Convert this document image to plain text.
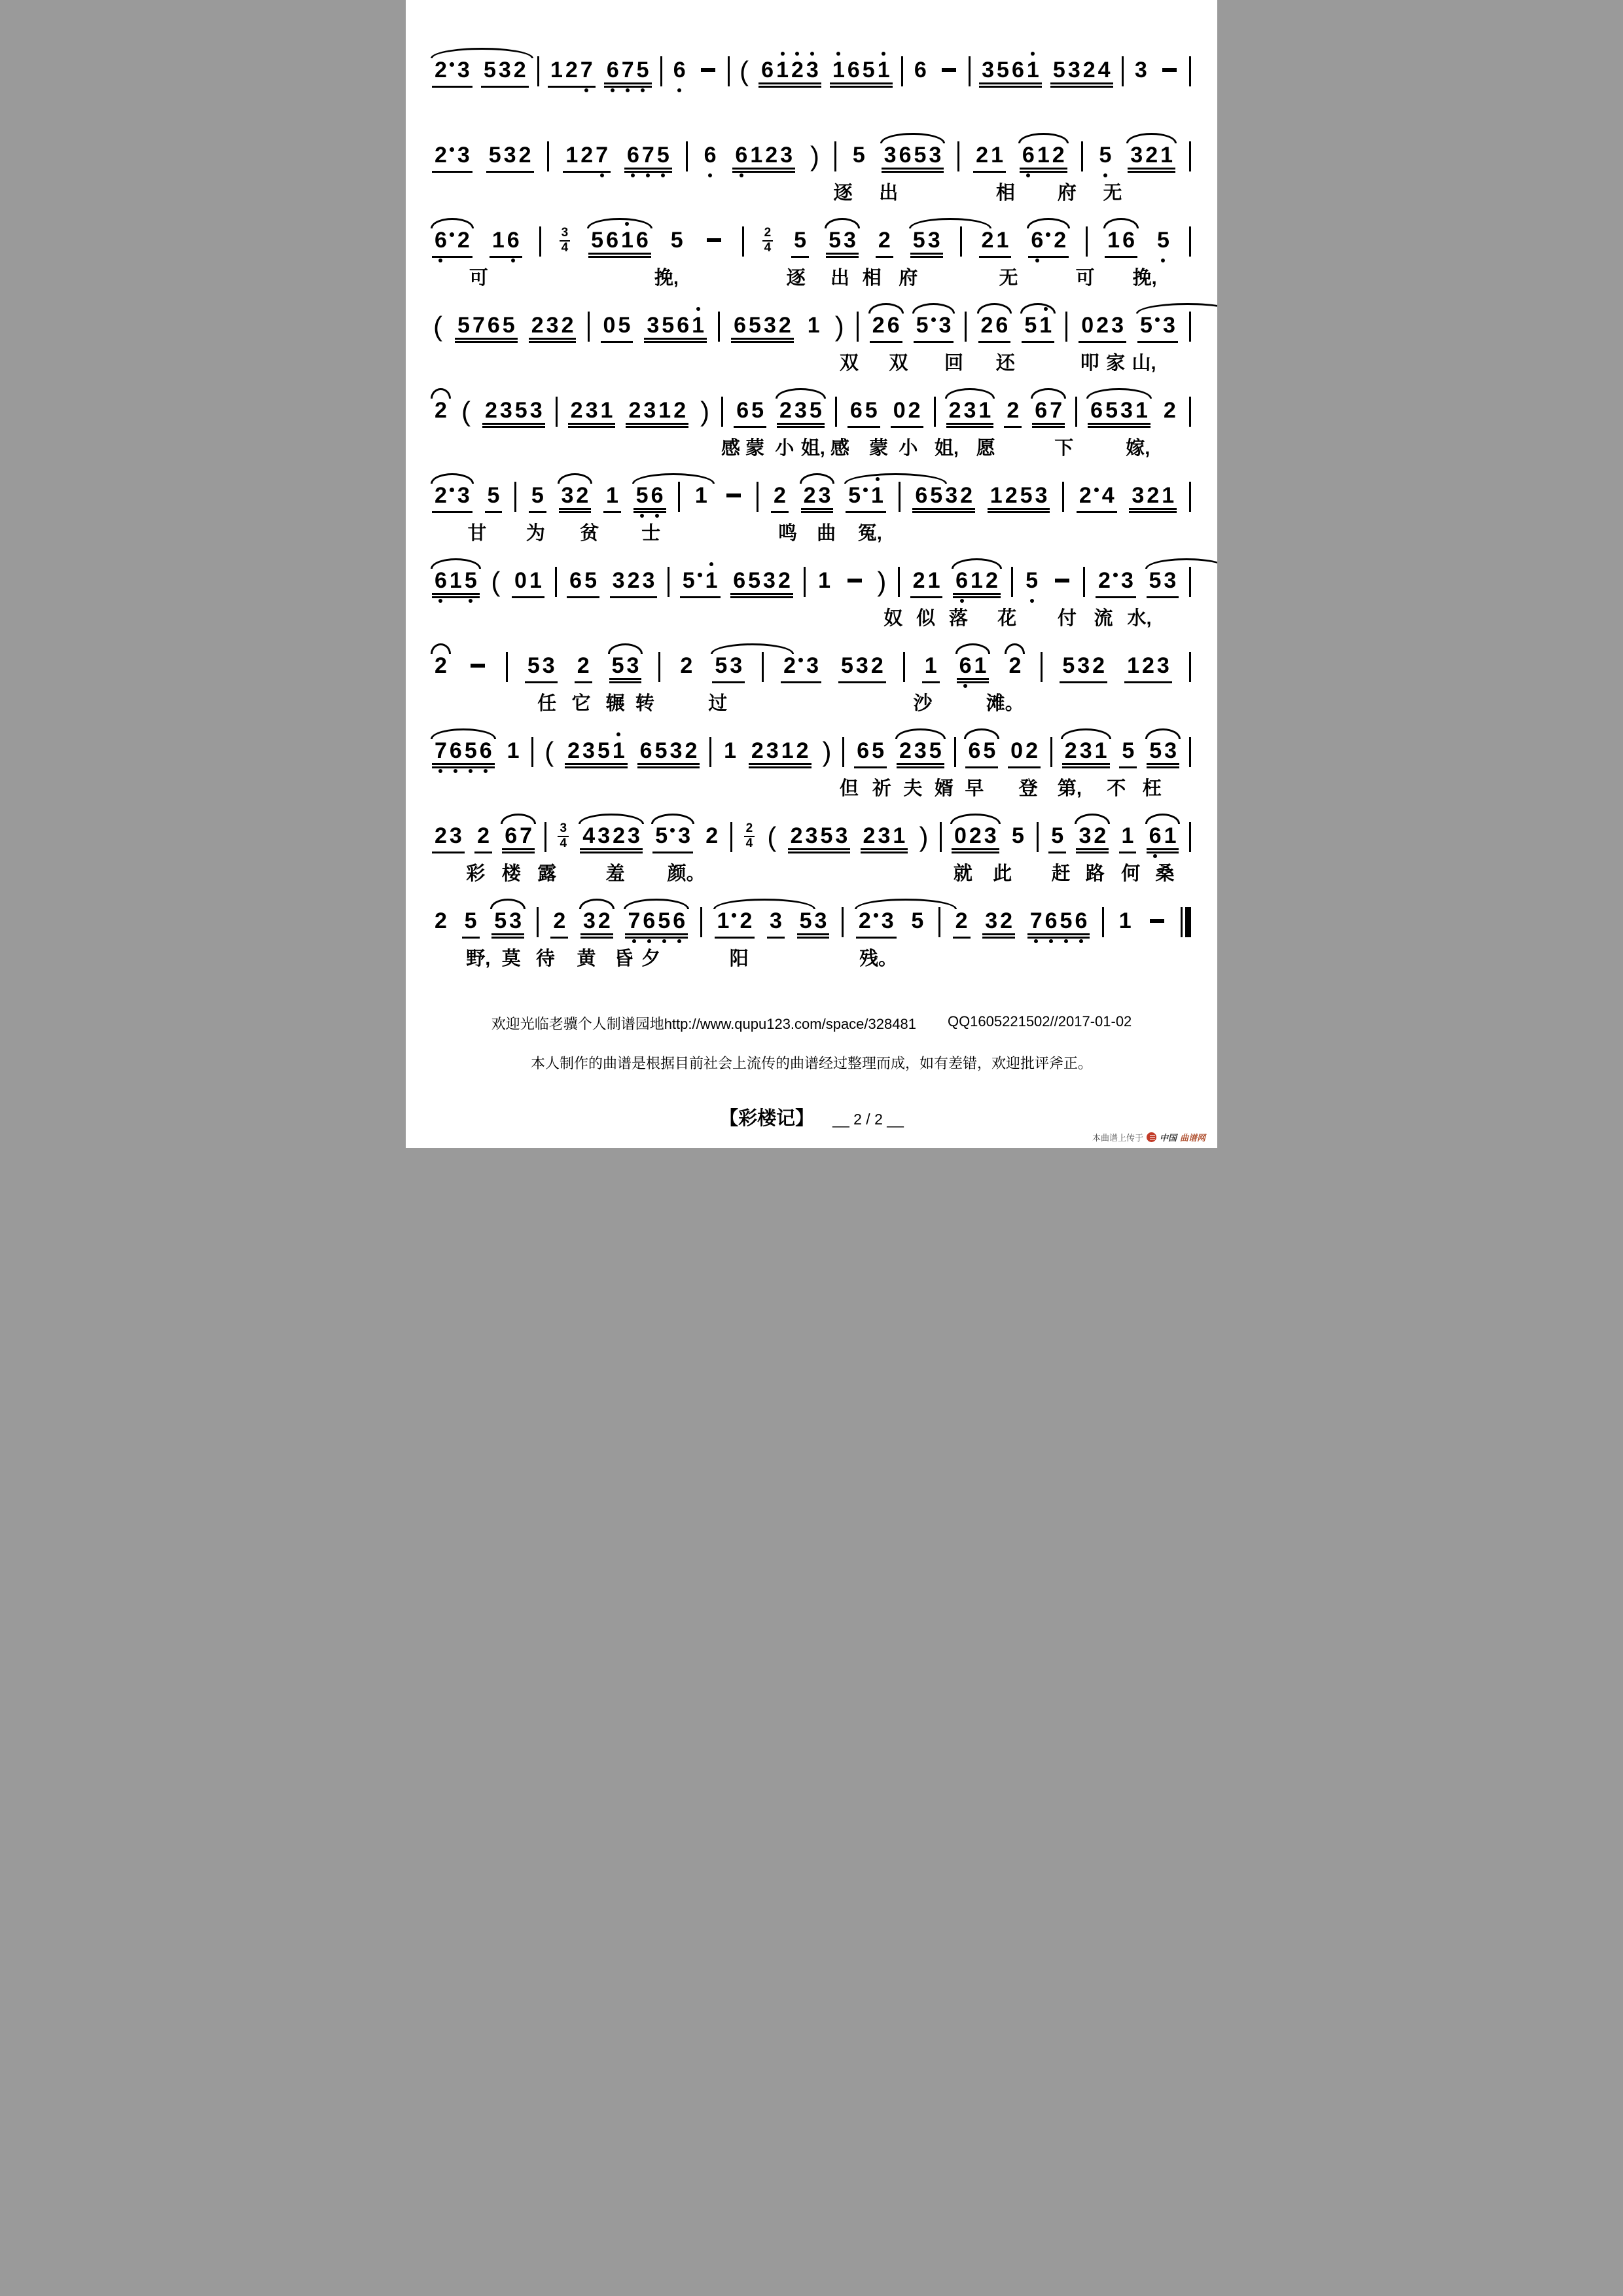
2 3 5 3 2 1 2 7 6 7 5 6 ( 6 1 2 3 1 6 5 1 6 3 5 6 1 5 3 2 4 3
2 3 5 3 2 1 2 7 6 7 5 6 6 1 2 3 ) 5 3 6 5 3 2 1 6 1 2 5 3 2 1
逐 出	相 府 无
6 2 1 6	3
4 5 6 1 6 5	2
4 5 5 3 2 5 3 2 1 6 2 1 6 5
可	挽,	逐 出 相 府	无	可 挽,
( 5 7 6 5 2 3 2 0 5 3 5 6 1 6 5 3 2 1 ) 2 6 5 3 2 6 5 1 0 2 3 5 3
双 双 回 还	叩 家 山,
2 ( 2 3 5 3 2 3 1 2 3 1 2 ) 6 5 2 3 5 6 5 0 2 2 3 1 2 6 7 6 5 3 1 2
感 蒙 小 姐, 感 蒙 小 姐, 愿	下	嫁,
2 3 5 5 3 2 1 5 6 1	2 2 3 5 1 6 5 3 2 1 2 5 3 2 4 3 2 1
甘 为 贫 士	鸣 曲 冤,
6 1 5 ( 0 1 6 5 3 2 3 5 1 6 5 3 2 1 ) 2 1 6 1 2 5	2 3 5 3
奴 似 落 花 付 流 水,
2	5 3 2 5 3 2 5 3 2 3 5 3 2 1 6 1 2 5 3 2 1 2 3
任 它 辗 转	过	沙	滩。
7 6 5 6 1 ( 2 3 5 1 6 5 3 2 1 2 3 1 2 ) 6 5 2 3 5 6 5 0 2 2 3 1 5 5 3
但 祈 夫 婿 早 登 第, 不 枉
2 3 2 6 7 3
4 4 3 2 3 5 3 2 2
4 ( 2 3 5 3 2 3 1 ) 0 2 3 5 5 3 2 1 6 1
彩 楼 露	羞 颜。	就 此 赶 路 何 桑
2 5 5 3 2 3 2 7 6 5 6 1 2 3 5 3 2 3 5 2 3 2 7 6 5 6 1
野, 莫 待 黄 昏 夕	阳	残。
欢迎光临老骥个人制谱园地http://www.qupu123.com/space/328481 QQ1605221502//2017-01-02
本人制作的曲谱是根据目前社会上流传的曲谱经过整理而成，如有差错，欢迎批评斧正。
【彩楼记】 __ 2 / 2 __
本曲谱上传于 中国 曲谱网
